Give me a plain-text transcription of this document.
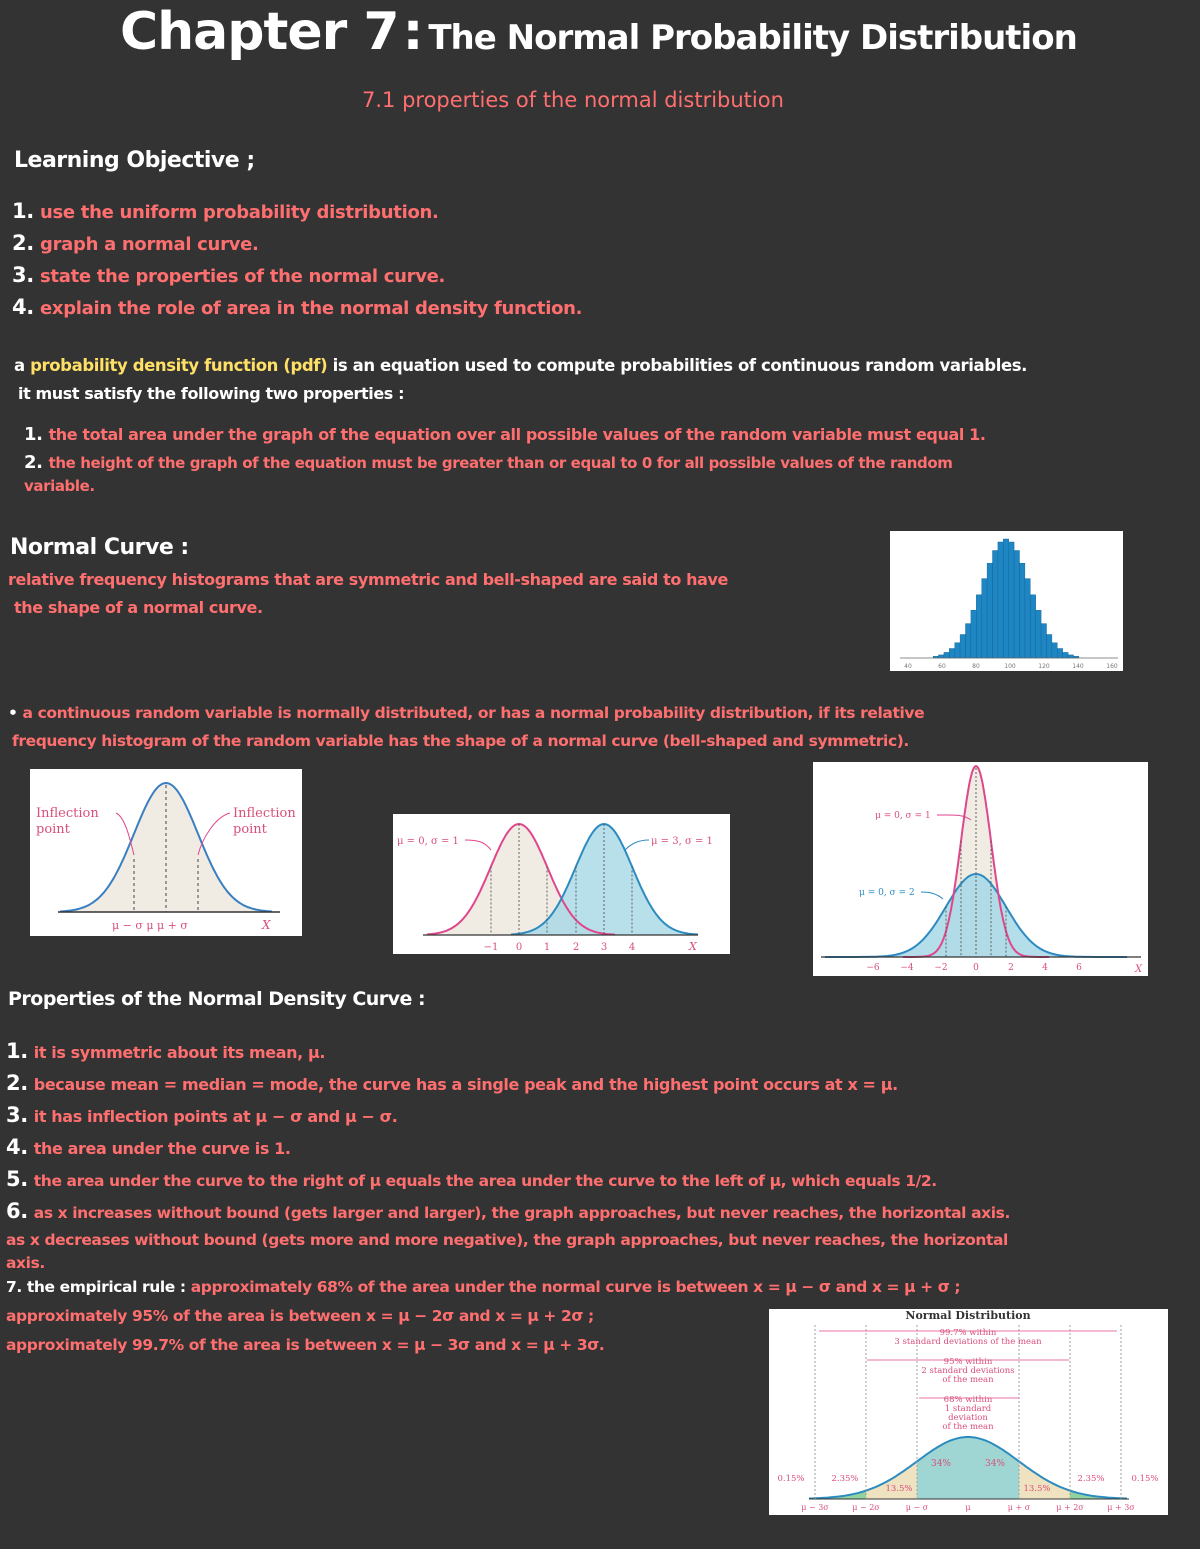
Chapter 7: The Normal Probability Distribution
7.1 properties of the normal distribution
Learning Objective ;
1. use the uniform probability distribution.
2. graph a normal curve.
3. state the properties of the normal curve.
4. explain the role of area in the normal density function.
a probability density function (pdf) is an equation used to compute probabilities of continuous random variables.
it must satisfy the following two properties :
1. the total area under the graph of the equation over all possible values of the random variable must equal 1.
2. the height of the graph of the equation must be greater than or equal to 0 for all possible values of the random
variable.
Normal Curve :
relative frequency histograms that are symmetric and bell-shaped are said to have
the shape of a normal curve.
40	60	80	100	120	140	160
• a continuous random variable is normally distributed, or has a normal probability distribution, if its relative
frequency histogram of the random variable has the shape of a normal curve (bell-shaped and symmetric).
Inflection
point
Inflection
point
μ − σ μ μ + σ	X
μ = 0, σ = 1	μ = 3, σ = 1
−1 0 1 2 3 4	X
μ = 0, σ = 1
μ = 0, σ = 2
−6 −4 −2	0	2	4	6	X
Properties of the Normal Density Curve :
1. it is symmetric about its mean, μ.
2. because mean = median = mode, the curve has a single peak and the highest point occurs at x = μ.
3. it has inflection points at μ − σ and μ − σ.
4. the area under the curve is 1.
5. the area under the curve to the right of μ equals the area under the curve to the left of μ, which equals 1/2.
6. as x increases without bound (gets larger and larger), the graph approaches, but never reaches, the horizontal axis.
as x decreases without bound (gets more and more negative), the graph approaches, but never reaches, the horizontal
axis.
7. the empirical rule : approximately 68% of the area under the normal curve is between x = μ − σ and x = μ + σ ;
approximately 95% of the area is between x = μ − 2σ and x = μ + 2σ ;
approximately 99.7% of the area is between x = μ − 3σ and x = μ + 3σ.
Normal Distribution
99.7% within
3 standard deviations of the mean
95% within
2 standard deviations
of the mean
68% within
1 standard
deviation
of the mean
34%	34%
13.5%	13.5%
2.35%	2.35%
0.15%	0.15%
μ − 3σ	μ − 2σ	μ − σ	μ	μ + σ	μ + 2σ	μ + 3σ
